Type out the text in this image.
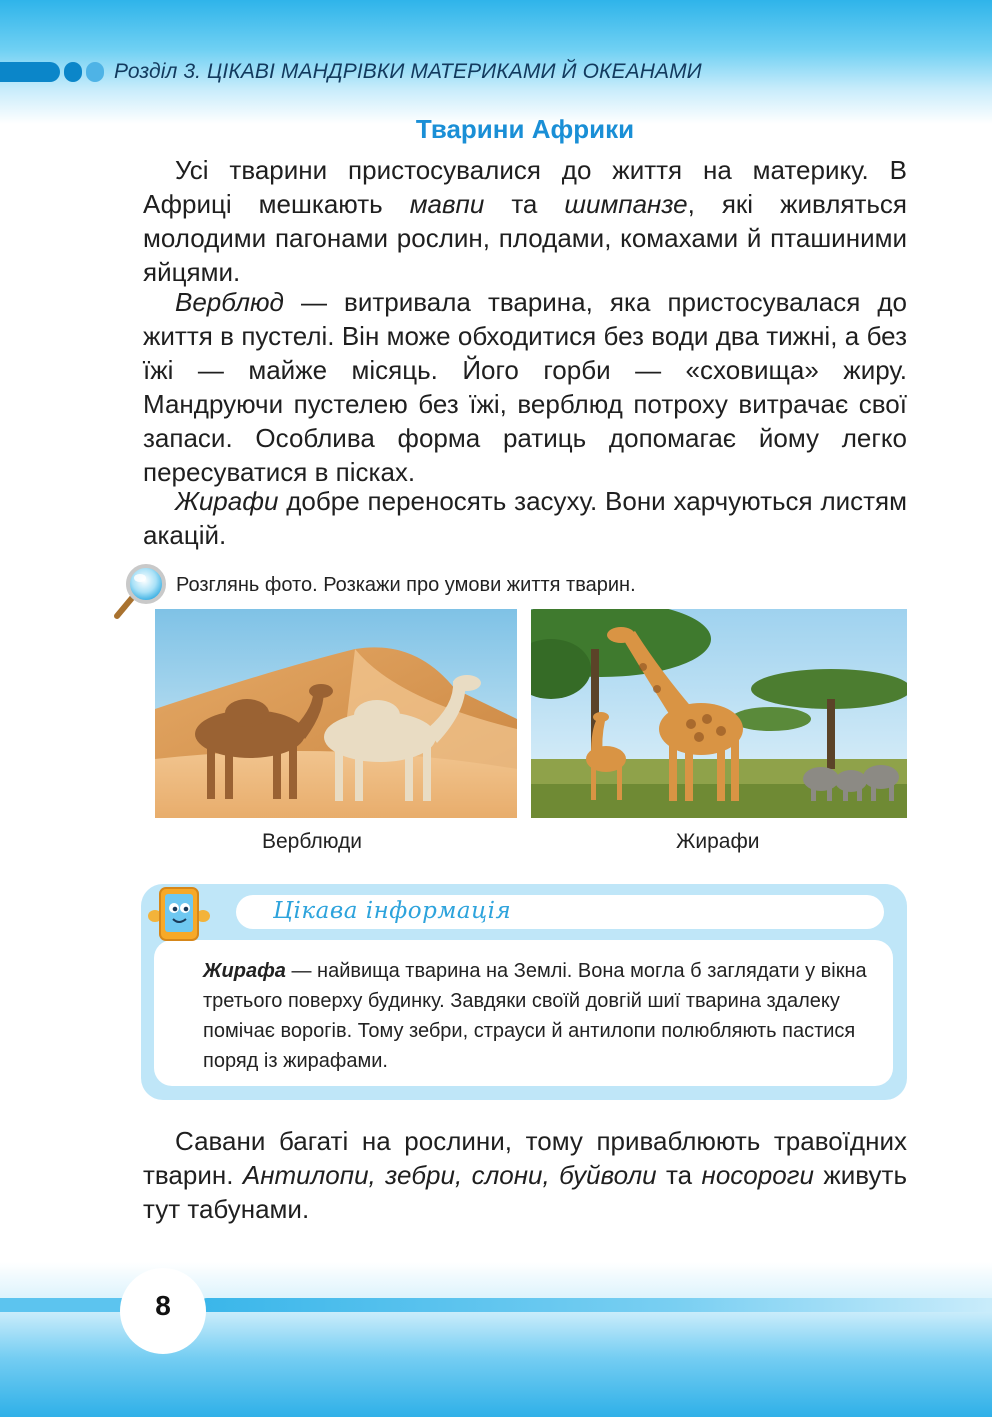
Розділ 3. ЦІКАВІ МАНДРІВКИ МАТЕРИКАМИ Й ОКЕАНАМИ
Тварини Африки

Усі тварини пристосувалися до життя на материку. В Африці мешкають мавпи та шимпанзе, які живляться молодими пагонами рослин, плодами, комахами й пташиними яйцями.

Верблюд — витривала тварина, яка пристосувалася до життя в пустелі. Він може обходитися без води два тижні, а без їжі — майже місяць. Його горби — «сховища» жиру. Мандруючи пустелею без їжі, верблюд потроху витрачає свої запаси. Особлива форма ратиць допомагає йому легко пересуватися в пісках.

Жирафи добре переносять засуху. Вони харчуються листям акацій.

Розглянь фото. Розкажи про умови життя тварин.
Верблюди	Жирафи
Цікава інформація

Жирафа — найвища тварина на Землі. Вона могла б заглядати у вікна третього поверху будинку. Завдяки своїй довгій шиї тварина здалеку помічає ворогів. Тому зебри, страуси й антилопи полюбляють пастися поряд із жирафами.

Савани багаті на рослини, тому приваблюють травоїдних тварин. Антилопи, зебри, слони, буйволи та носороги живуть тут табунами.

8
